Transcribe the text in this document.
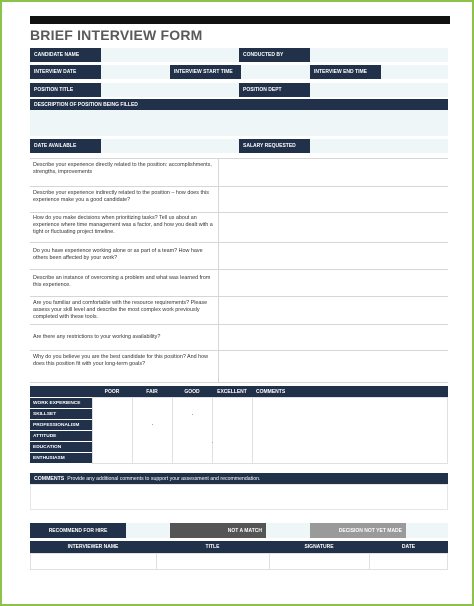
BRIEF INTERVIEW FORM
CANDIDATE NAME	CONDUCTED BY
INTERVIEW DATE	INTERVIEW START TIME	INTERVIEW END TIME
POSITION TITLE	POSITION DEPT
DESCRIPTION OF POSITION BEING FILLED
DATE AVAILABLE	SALARY REQUESTED
Describe your experience directly related to the position: accomplishments, strengths, improvements
Describe your experience indirectly related to the position – how does this experience make you a good candidate?
How do you make decisions when prioritizing tasks? Tell us about an experience where time management was a factor, and how you dealt with a tight or fluctuating project timeline.
Do you have experience working alone or as part of a team? How have others been affected by your work?
Describe an instance of overcoming a problem and what was learned from this experience.
Are you familiar and comfortable with the resource requirements? Please assess your skill level and describe the most complex work previously completed with these tools.
Are there any restrictions to your working availability?
Why do you believe you are the best candidate for this position? And how does this position fit with your long-term goals?
POOR	FAIR	GOOD	EXCELLENT	COMMENTS
WORK EXPERIENCE
SKILLSET
PROFESSIONALISM
ATTITUDE
EDUCATION
ENTHUSIASM
COMMENTS Provide any additional comments to support your assessment and recommendation.
RECOMMEND FOR HIRE	NOT A MATCH	DECISION NOT YET MADE
INTERVIEWER NAME	TITLE	SIGNATURE	DATE
